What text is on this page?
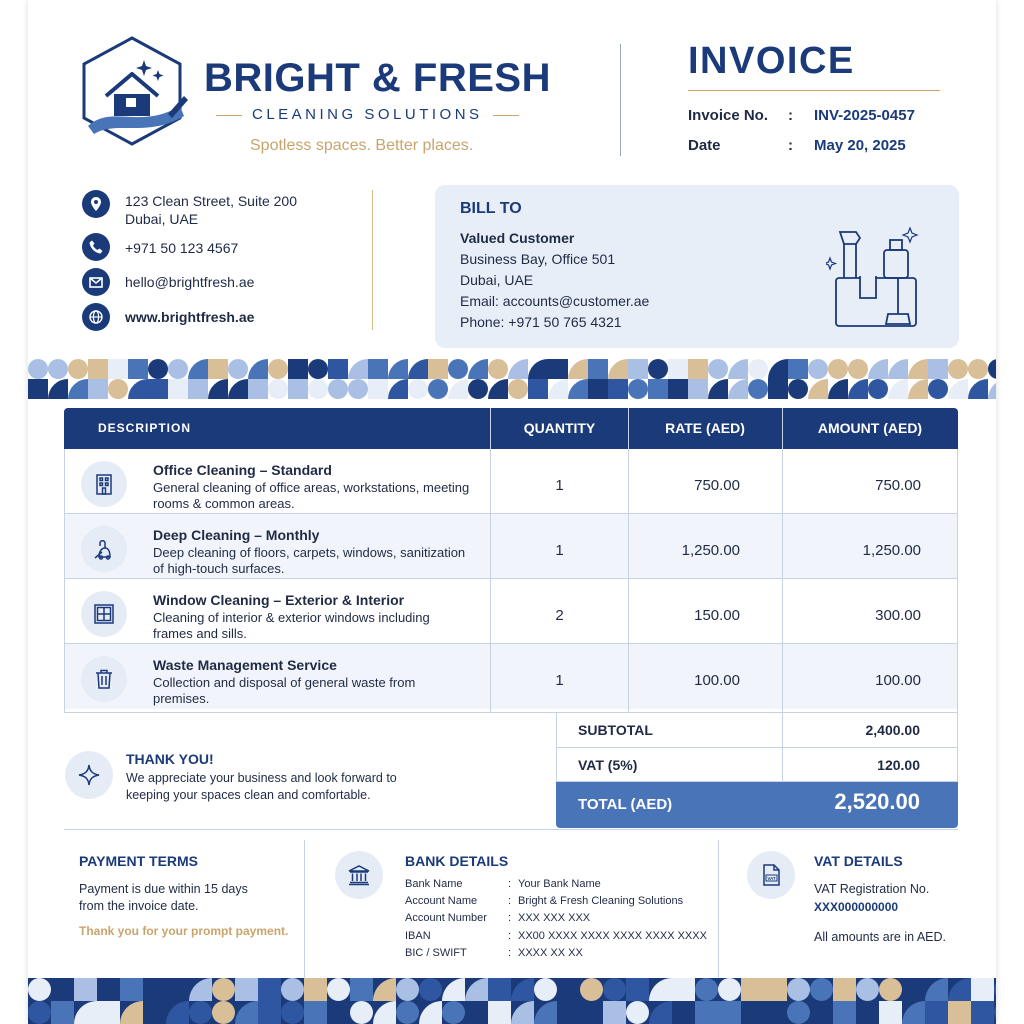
BRIGHT & FRESH
CLEANING SOLUTIONS
Spotless spaces. Better places.
INVOICE
Invoice No. : INV-2025-0457
Date	: May 20, 2025
123 Clean Street, Suite 200
Dubai, UAE
+971 50 123 4567
hello@brightfresh.ae
www.brightfresh.ae
BILL TO
Valued Customer
Business Bay, Office 501
Dubai, UAE
Email: accounts@customer.ae
Phone: +971 50 765 4321
DESCRIPTION	QUANTITY	RATE (AED)	AMOUNT (AED)
Office Cleaning – Standard
General cleaning of office areas, workstations, meeting rooms & common areas.
1	750.00	750.00
Deep Cleaning – Monthly
Deep cleaning of floors, carpets, windows, sanitization of high-touch surfaces.
1	1,250.00	1,250.00
Window Cleaning – Exterior & Interior
Cleaning of interior & exterior windows including frames and sills.
2	150.00	300.00
Waste Management Service
Collection and disposal of general waste from premises.
1	100.00	100.00
SUBTOTAL	2,400.00
VAT (5%)	120.00
TOTAL (AED)	2,520.00
THANK YOU!
We appreciate your business and look forward to keeping your spaces clean and comfortable.
PAYMENT TERMS
Payment is due within 15 days from the invoice date.
Thank you for your prompt payment.
BANK DETAILS
Bank Name	: Your Bank Name
Account Name	: Bright & Fresh Cleaning Solutions
Account Number : XXX XXX XXX
IBAN	: XX00 XXXX XXXX XXXX XXXX XXXX
BIC / SWIFT	: XXXX XX XX
VAT
VAT DETAILS
VAT Registration No.
XXX000000000
All amounts are in AED.
